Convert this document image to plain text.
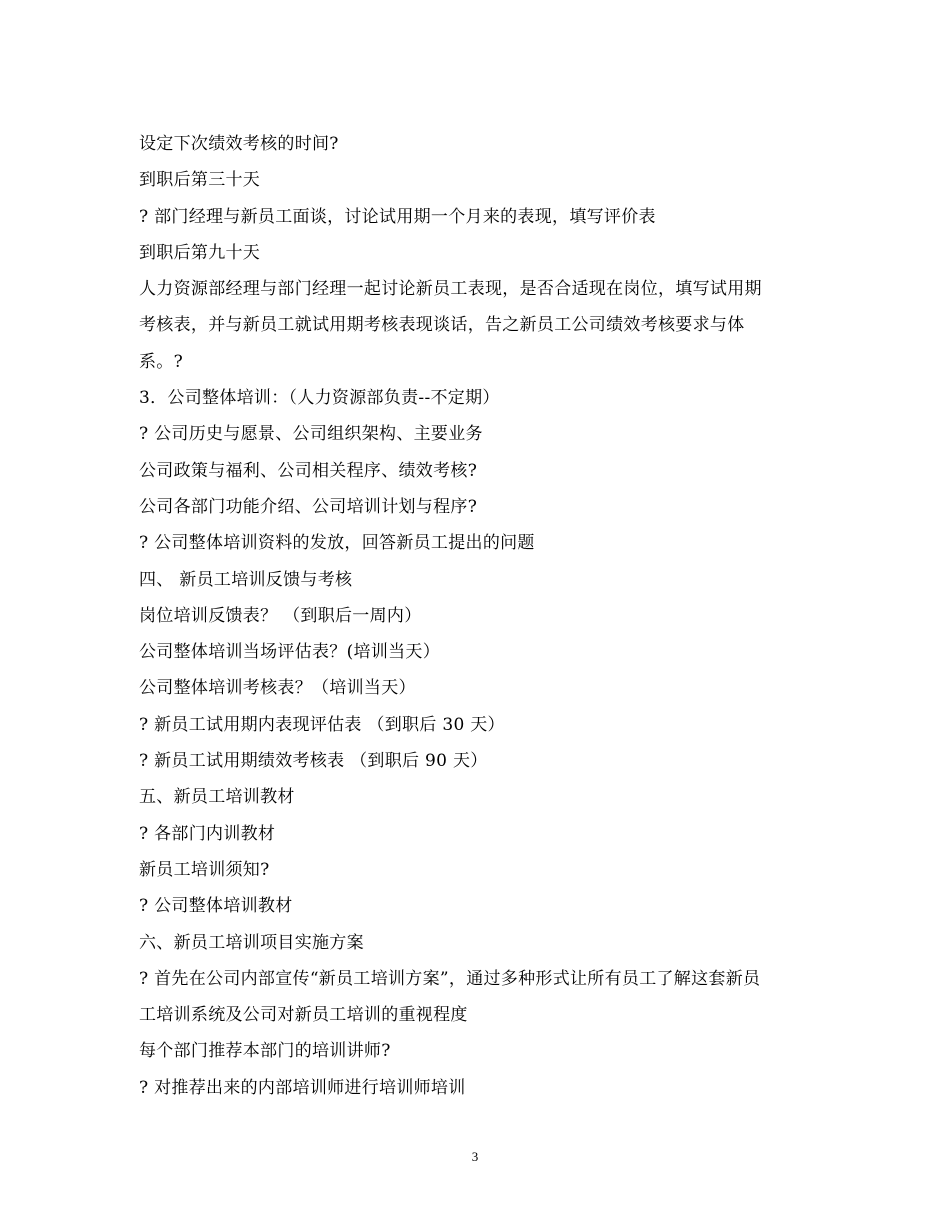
设定下次绩效考核的时间?
到职后第三十天
? 部门经理与新员工面谈，讨论试用期一个月来的表现，填写评价表
到职后第九十天
人力资源部经理与部门经理一起讨论新员工表现，是否合适现在岗位，填写试用期
考核表，并与新员工就试用期考核表现谈话，告之新员工公司绩效考核要求与体
系。?
3．公司整体培训：（人力资源部负责--不定期）
? 公司历史与愿景、公司组织架构、主要业务
公司政策与福利、公司相关程序、绩效考核?
公司各部门功能介绍、公司培训计划与程序?
? 公司整体培训资料的发放，回答新员工提出的问题
四、 新员工培训反馈与考核
岗位培训反馈表？ （到职后一周内）
公司整体培训当场评估表？(培训当天）
公司整体培训考核表？（培训当天）
? 新员工试用期内表现评估表 （到职后 30 天）
? 新员工试用期绩效考核表 （到职后 90 天）
五、新员工培训教材
? 各部门内训教材
新员工培训须知?
? 公司整体培训教材
六、新员工培训项目实施方案
? 首先在公司内部宣传“新员工培训方案”，通过多种形式让所有员工了解这套新员
工培训系统及公司对新员工培训的重视程度
每个部门推荐本部门的培训讲师?
? 对推荐出来的内部培训师进行培训师培训
3
